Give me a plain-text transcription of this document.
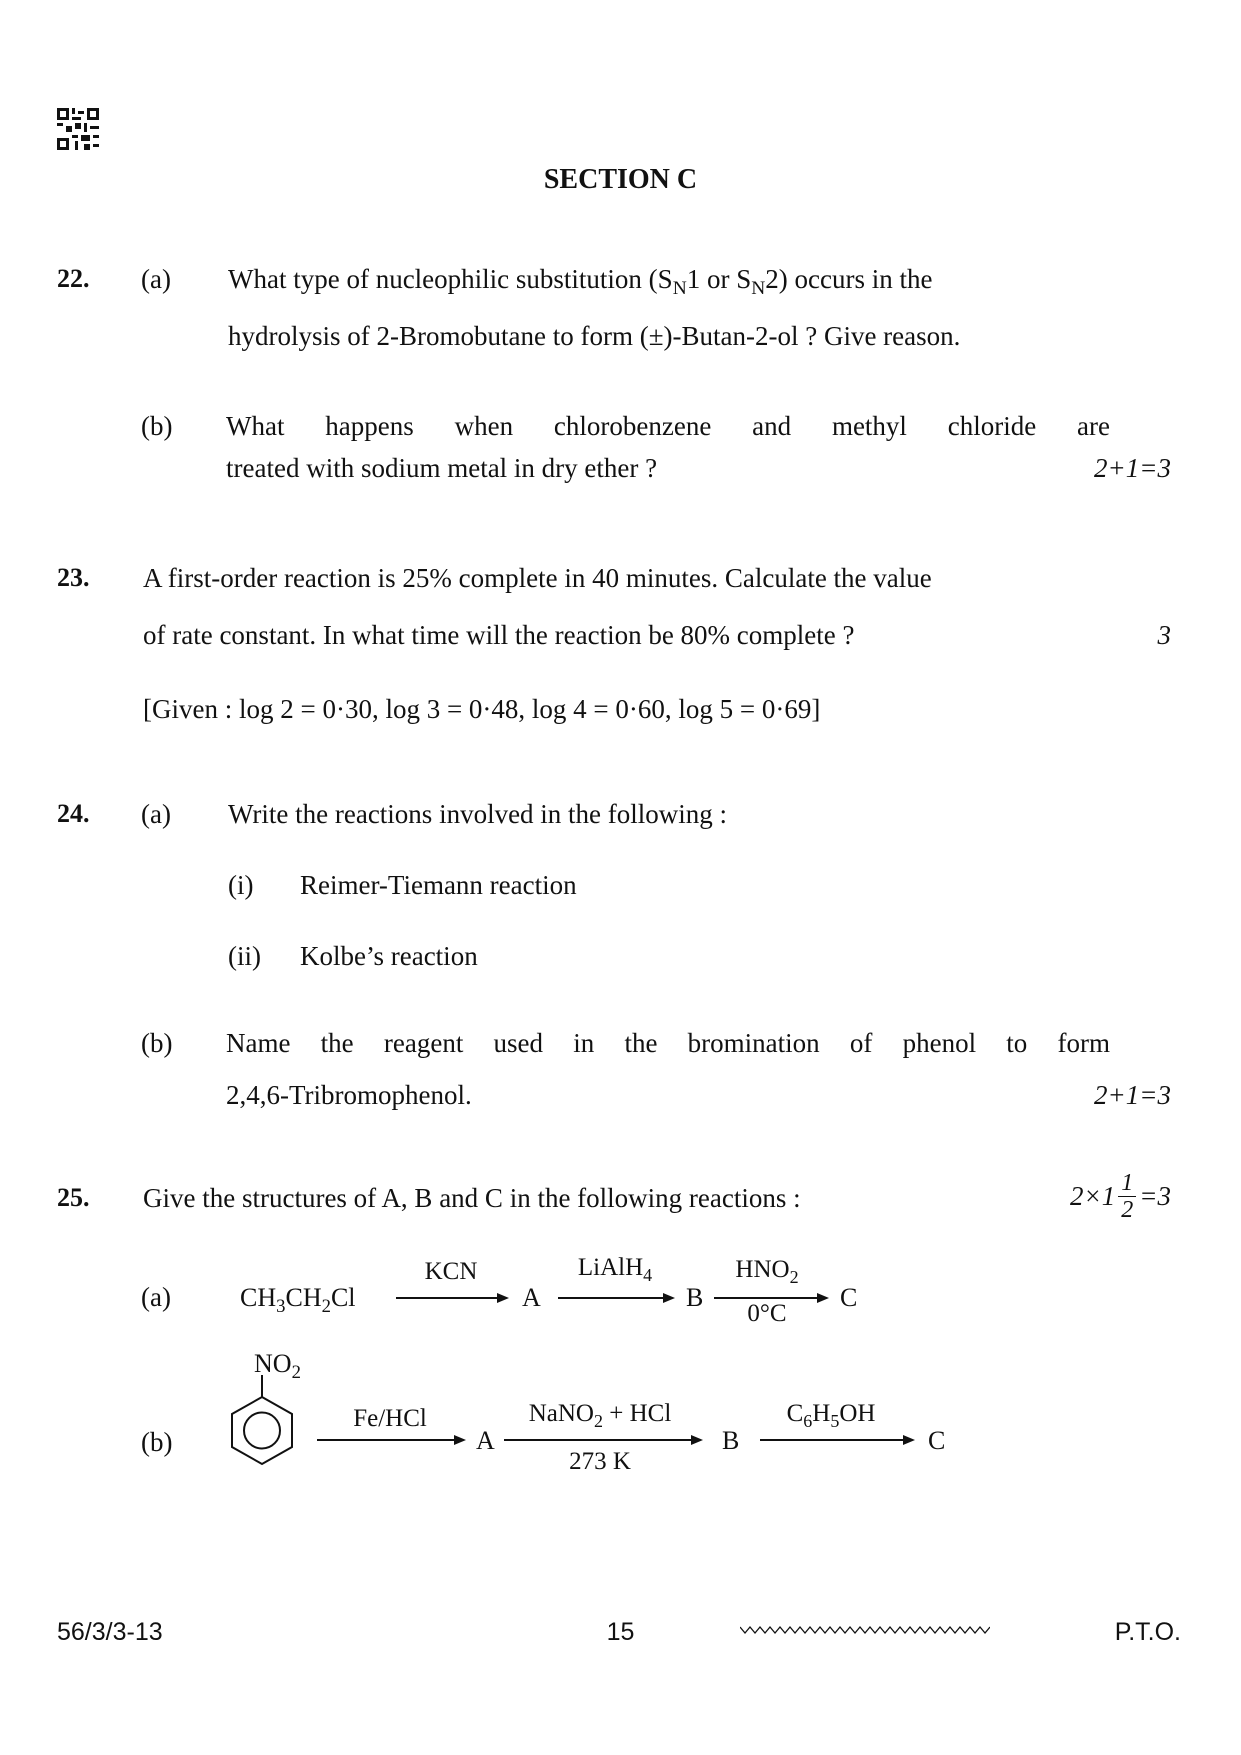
SECTION C
22. (a) What type of nucleophilic substitution ($S_N1$ or $S_N2$) occurs in the
hydrolysis of 2-Bromobutane to form (±)-Butan-2-ol ? Give reason.
(b) What happens when chlorobenzene and methyl chloride are
treated with sodium metal in dry ether ?	2+1=3
23. A first-order reaction is 25% complete in 40 minutes. Calculate the value
of rate constant. In what time will the reaction be 80% complete ?	3
[Given : log 2 = 0·30, log 3 = 0·48, log 4 = 0·60, log 5 = 0·69]
24. (a) Write the reactions involved in the following :
(i) Reimer-Tiemann reaction
(ii) Kolbe’s reaction
(b) Name the reagent used in the bromination of phenol to form
2,4,6-Tribromophenol.	2+1=3
25. Give the structures of A, B and C in the following reactions :	$2\times 1 \frac{1}{2} =3$
(a)	$CH_3CH_2Cl$
KCN
A
LiAlH$_4$
B
$HNO_2$
0°C
C
$NO_2$
(b)
Fe/HCl
A
NaNO$_2$ + HCl
273 K
B
$C_6H_5OH$
C
56/3/3-13	15	P.T.O.
